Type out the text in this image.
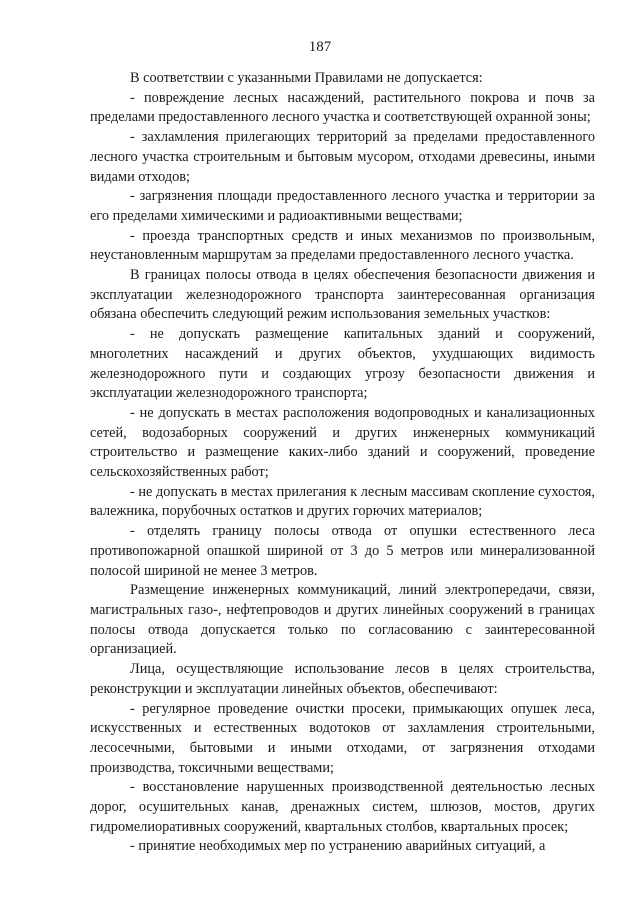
187

В соответствии с указанными Правилами не допускается:

- повреждение лесных насаждений, растительного покрова и почв за пределами предоставленного лесного участка и соответствующей охранной зоны;

- захламления прилегающих территорий за пределами предоставленного лесного участка строительным и бытовым мусором, отходами древесины, иными видами отходов;

- загрязнения площади предоставленного лесного участка и территории за его пределами химическими и радиоактивными веществами;

- проезда транспортных средств и иных механизмов по произвольным, неустановленным маршрутам за пределами предоставленного лесного участка.

В границах полосы отвода в целях обеспечения безопасности движения и эксплуатации железнодорожного транспорта заинтересованная организация обязана обеспечить следующий режим использования земельных участков:

- не допускать размещение капитальных зданий и сооружений, многолетних насаждений и других объектов, ухудшающих видимость железнодорожного пути и создающих угрозу безопасности движения и эксплуатации железнодорожного транспорта;

- не допускать в местах расположения водопроводных и канализационных сетей, водозаборных сооружений и других инженерных коммуникаций строительство и размещение каких-либо зданий и сооружений, проведение сельскохозяйственных работ;

- не допускать в местах прилегания к лесным массивам скопление сухостоя, валежника, порубочных остатков и других горючих материалов;

- отделять границу полосы отвода от опушки естественного леса противопожарной опашкой шириной от 3 до 5 метров или минерализованной полосой шириной не менее 3 метров.

Размещение инженерных коммуникаций, линий электропередачи, связи, магистральных газо-, нефтепроводов и других линейных сооружений в границах полосы отвода допускается только по согласованию с заинтересованной организацией.

Лица, осуществляющие использование лесов в целях строительства, реконструкции и эксплуатации линейных объектов, обеспечивают:

- регулярное проведение очистки просеки, примыкающих опушек леса, искусственных и естественных водотоков от захламления строительными, лесосечными, бытовыми и иными отходами, от загрязнения отходами производства, токсичными веществами;

- восстановление нарушенных производственной деятельностью лесных дорог, осушительных канав, дренажных систем, шлюзов, мостов, других гидромелиоративных сооружений, квартальных столбов, квартальных просек;

- принятие необходимых мер по устранению аварийных ситуаций, а
